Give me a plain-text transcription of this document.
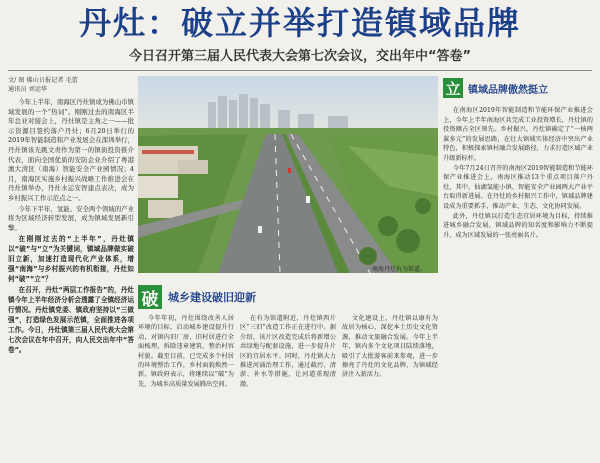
丹灶：破立并举打造镇域品牌
今日召开第三届人民代表大会第七次会议，交出年中“答卷”
文/ 图 佛山日报记者 毛蕾
通讯员 刘运华

今年上半年，南海区丹灶镇成为佛山市镇域发展的一个“热词”。刚刚过去的南海区半年总业对接会上，丹灶镇是主角之一——批示资源目签约落户丹灶；6月20日举行的2019年智能制造和产业发展会在深圳举行，丹灶镇该光跳文责作为第一的镇街投资推介代表，面向全国优质的安防企业介绍了粤港澳大湾区（南海）智能安全产业园情况；4月，南海区实施乡村振兴战略工作推进会在丹灶镇举办，丹灶水运安智建点表决，成为乡村振兴工作示范点之一。

今年下半年，氢能、安全两个领域的产业将为区域经济转型发展，成为镇域发展新引擎。

在刚刚过去的“上半年”，丹灶镇以“破”与“立”为关键词，镇域品牌做实破旧立新，加速打造现代化产业体系，增强“南海”与乡村振兴的有机衔接，丹灶如何“破”“立”？

在召开，丹灶“两层工作报告”的，丹灶镇今年上半年经济分析会透露了全镇经济运行情况。丹灶镇党委、镇政府坚持以“三做强”，打造绿色发展示范镇，全面推进各项工作。今日，丹灶镇第三届人民代表大会第七次会议在年中召开，向人民交出年中“答卷”。

南海丹灶有为馆道。
立 镇域品牌傲然挺立

在南海区2019年智能制造和节能环保产业推进会上，今年上半年南海区共完成工业投资增长，丹灶镇的投资额占全区领先。乡村振兴，丹灶镇确定了“一核两翼多元”的发展思路，在壮大镇域实体经济中突出产业特色，积极探索镇村融合发展路径，力求打造区域产业升级新标杆。

今年7月24日召开的南海区2019智能制造和节能环保产业推进会上，南海区推动13个重点项目落户丹灶，其中，仙湖氢能小镇、智能安全产业园两大产业平台取得新进展。在丹灶的乡村振兴工作中，镇域品牌建设成为重要抓手，推动产业、生态、文化协同发展。

此外，丹灶镇以打造生态宜居环境为目标，持续推进城乡融合发展，镇域品牌的知名度和影响力不断提升，成为区域发展的一张亮丽名片。

破 城乡建设破旧迎新

今年年初，丹灶围绕改善人居环境的目标，启动城乡建设提升行动，对镇内旧厂房、旧村居进行全面梳理，拆除违章建筑，整治村容村貌。截至目前，已完成多个村居的环境整治工作，乡村面貌焕然一新。镇政府表示，将继续以“破”为先，为城乡高质量发展腾出空间。

在有为馆道附近，丹灶镇西片区“三旧”改造工作正在进行中。据介绍，该片区改造完成后将新增公共绿地与配套设施，进一步提升片区的宜居水平。同时，丹灶镇大力推进河涌治理工作，通过截污、清淤、补水等措施，让河道重现清澈。

文化建设上，丹灶镇以康有为故居为核心，深挖本土历史文化资源，推动文旅融合发展。今年上半年，镇内多个文化项目陆续落地，吸引了大批游客前来参观，进一步擦亮了丹灶的文化品牌，为镇域经济注入新活力。
